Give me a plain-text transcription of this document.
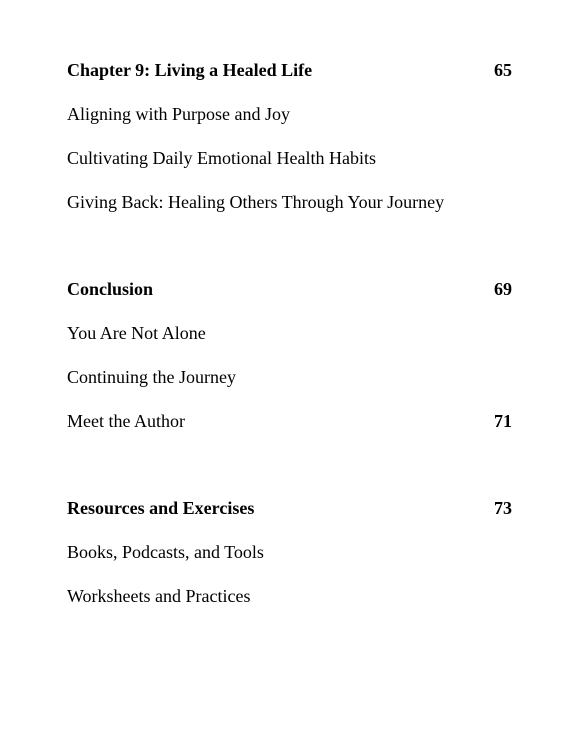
Chapter 9: Living a Healed Life	65
Aligning with Purpose and Joy
Cultivating Daily Emotional Health Habits
Giving Back: Healing Others Through Your Journey
Conclusion	69
You Are Not Alone
Continuing the Journey
Meet the Author	71
Resources and Exercises	73
Books, Podcasts, and Tools
Worksheets and Practices
